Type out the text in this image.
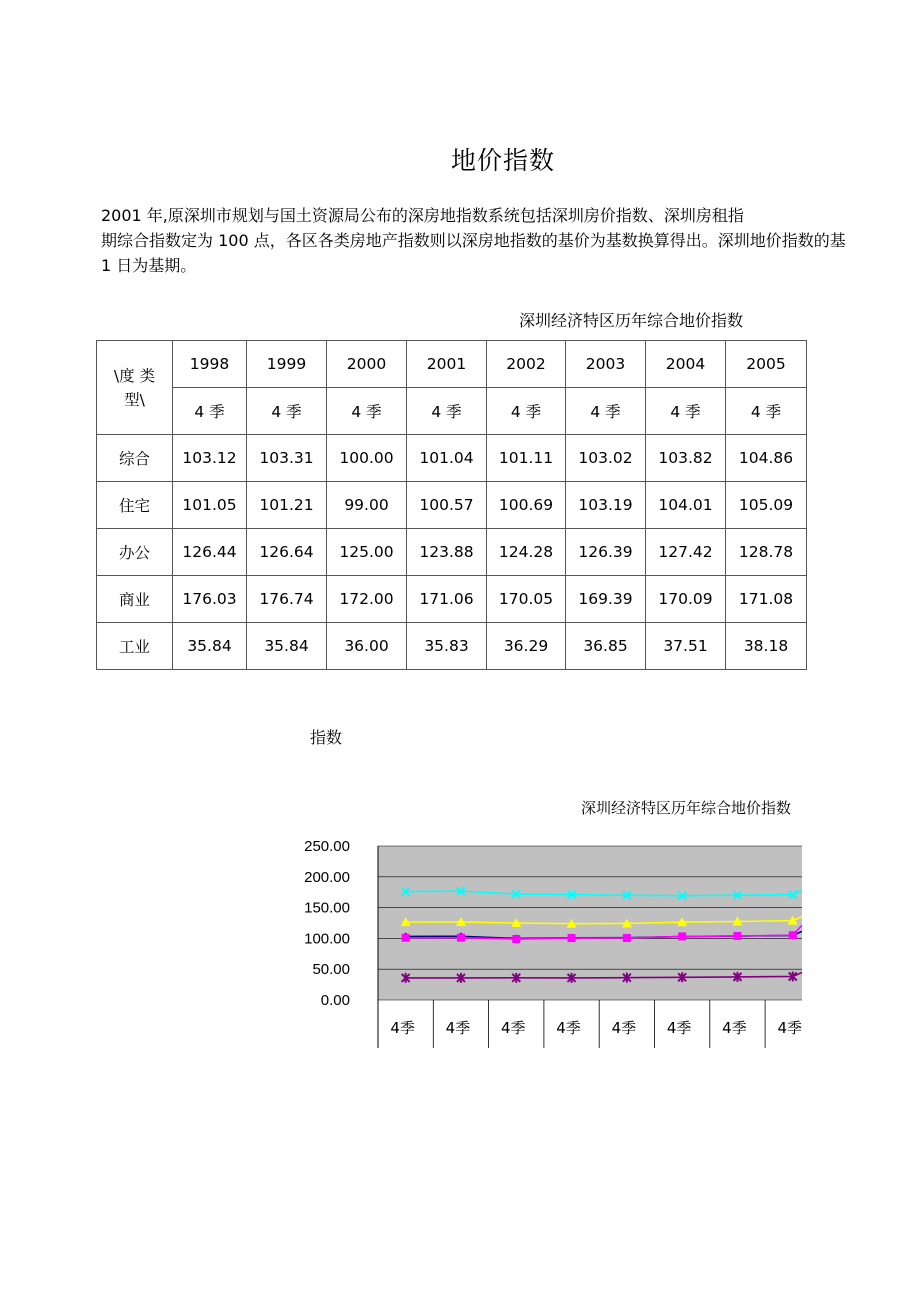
地价指数
2001 年,原深圳市规划与国土资源局公布的深房地指数系统包括深圳房价指数、深圳房租指
期综合指数定为 100 点，各区各类房地产指数则以深房地指数的基价为基数换算得出。深圳地价指数的基
1 日为基期。
深圳经济特区历年综合地价指数
\度 类
型\	1998	1999	2000	2001	2002	2003	2004	2005
	4 季	4 季	4 季	4 季	4 季	4 季	4 季	4 季
综合	103.12	103.31	100.00	101.04	101.11	103.02	103.82	104.86
住宅	101.05	101.21	99.00	100.57	100.69	103.19	104.01	105.09
办公	126.44	126.64	125.00	123.88	124.28	126.39	127.42	128.78
商业	176.03	176.74	172.00	171.06	170.05	169.39	170.09	171.08
工业	35.84	35.84	36.00	35.83	36.29	36.85	37.51	38.18
指数
深圳经济特区历年综合地价指数
0.00
50.00
100.00
150.00
200.00
250.00
4季 4季 4季 4季 4季 4季 4季 4季
